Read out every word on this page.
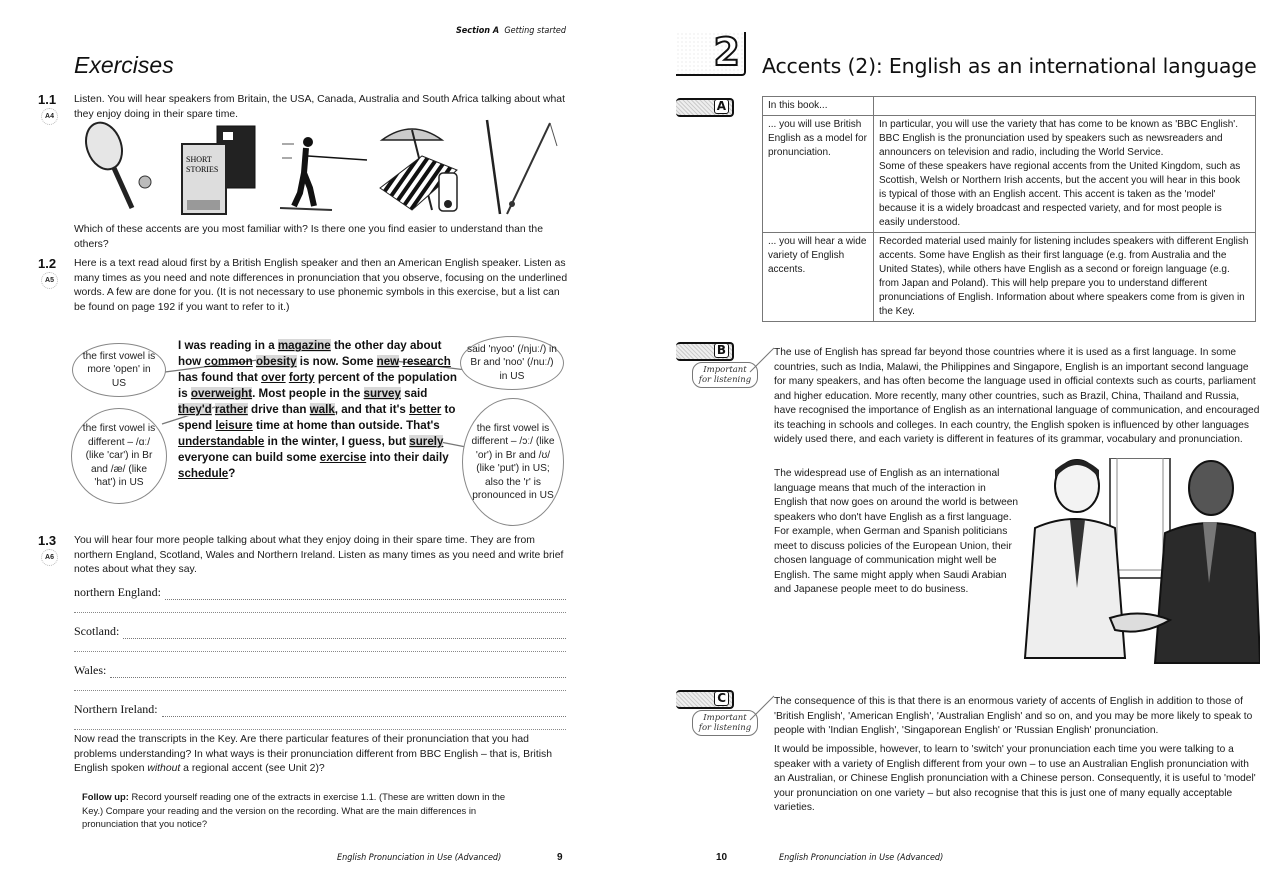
Section A Getting started
Exercises
1.1
A4
Listen. You will hear speakers from Britain, the USA, Canada, Australia and South Africa talking about what they enjoy doing in their spare time.
SHORT
STORIES
Which of these accents are you most familiar with? Is there one you find easier to understand than the others?
1.2
A5
Here is a text read aloud first by a British English speaker and then an American English speaker. Listen as many times as you need and note differences in pronunciation that you observe, focusing on the underlined words. A few are done for you. (It is not necessary to use phonemic symbols in this exercise, but a list can be found on page 192 if you want to refer to it.)
I was reading in a magazine the other day about
how common obesity is now. Some new research
has found that over forty percent of the population
is overweight. Most people in the survey said
they'd rather drive than walk, and that it's better to
spend leisure time at home than outside. That's
understandable in the winter, I guess, but surely
everyone can build some exercise into their daily
schedule?
the first vowel is more 'open' in US
the first vowel is different – /ɑː/ (like 'car') in Br and /æ/ (like 'hat') in US
said 'nyoo' (/njuː/) in Br and 'noo' (/nuː/) in US
the first vowel is different – /ɔː/ (like 'or') in Br and /ʊ/ (like 'put') in US; also the 'r' is pronounced in US
1.3
A6
You will hear four more people talking about what they enjoy doing in their spare time. They are from northern England, Scotland, Wales and Northern Ireland. Listen as many times as you need and write brief notes about what they say.
northern England:
Scotland:
Wales:
Northern Ireland:
Now read the transcripts in the Key. Are there particular features of their pronunciation that you had problems understanding? In what ways is their pronunciation different from BBC English – that is, British English spoken without a regional accent (see Unit 2)?
Follow up: Record yourself reading one of the extracts in exercise 1.1. (These are written down in the Key.) Compare your reading and the version on the recording. What are the main differences in pronunciation that you notice?
English Pronunciation in Use (Advanced)	9
2 Accents (2): English as an international language
A	In this book...	
... you will use British English as a model for pronunciation.	In particular, you will use the variety that has come to be known as 'BBC English'. BBC English is the pronunciation used by speakers such as newsreaders and announcers on television and radio, including the World Service.
Some of these speakers have regional accents from the United Kingdom, such as Scottish, Welsh or Northern Irish accents, but the accent you will hear in this book is typical of those with an English accent. This accent is taken as the 'model' because it is a widely broadcast and respected variety, and for most people is easily understood.

... you will hear a wide variety of English accents.	Recorded material used mainly for listening includes speakers with different English accents. Some have English as their first language (e.g. from Australia and the United States), while others have English as a second or foreign language (e.g. from Japan and Poland). This will help prepare you to understand different pronunciations of English. Information about where speakers come from is given in the Key.
B
Important for listening

The use of English has spread far beyond those countries where it is used as a first language. In some countries, such as India, Malawi, the Philippines and Singapore, English is an important second language for many speakers, and has often become the language used in official contexts such as courts, parliament and higher education. More recently, many other countries, such as Brazil, China, Thailand and Russia, have recognised the importance of English as an international language of communication, and encouraged its teaching in schools and colleges. In each country, the English spoken is influenced by other languages widely used there, and each variety is different in features of its grammar, vocabulary and pronunciation.

The widespread use of English as an international language means that much of the interaction in English that now goes on around the world is between speakers who don't have English as a first language. For example, when German and Spanish politicians meet to discuss policies of the European Union, their chosen language of communication might well be English. The same might apply when Saudi Arabian and Japanese people meet to do business.

C
Important for listening

The consequence of this is that there is an enormous variety of accents of English in addition to those of 'British English', 'American English', 'Australian English' and so on, and you may be more likely to speak to people with 'Indian English', 'Singaporean English' or 'Russian English' pronunciation.

It would be impossible, however, to learn to 'switch' your pronunciation each time you were talking to a speaker with a variety of English different from your own – to use an Australian English pronunciation with an Australian, or Chinese English pronunciation with a Chinese person. Consequently, it is useful to 'model' your pronunciation on one variety – but also recognise that this is just one of many equally acceptable varieties.

10	English Pronunciation in Use (Advanced)
